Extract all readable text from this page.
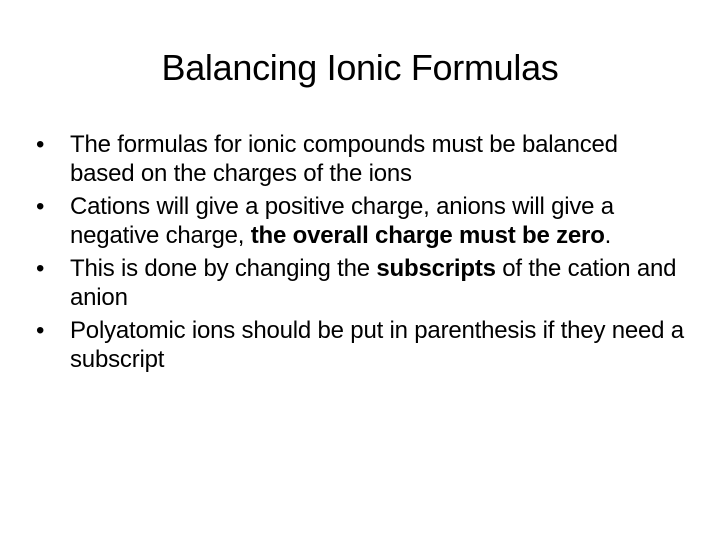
Balancing Ionic Formulas
•	The formulas for ionic compounds must be balanced based on the charges of the ions
•	Cations will give a positive charge, anions will give a negative charge, the overall charge must be zero.
•	This is done by changing the subscripts of the cation and anion
•	Polyatomic ions should be put in parenthesis if they need a subscript
